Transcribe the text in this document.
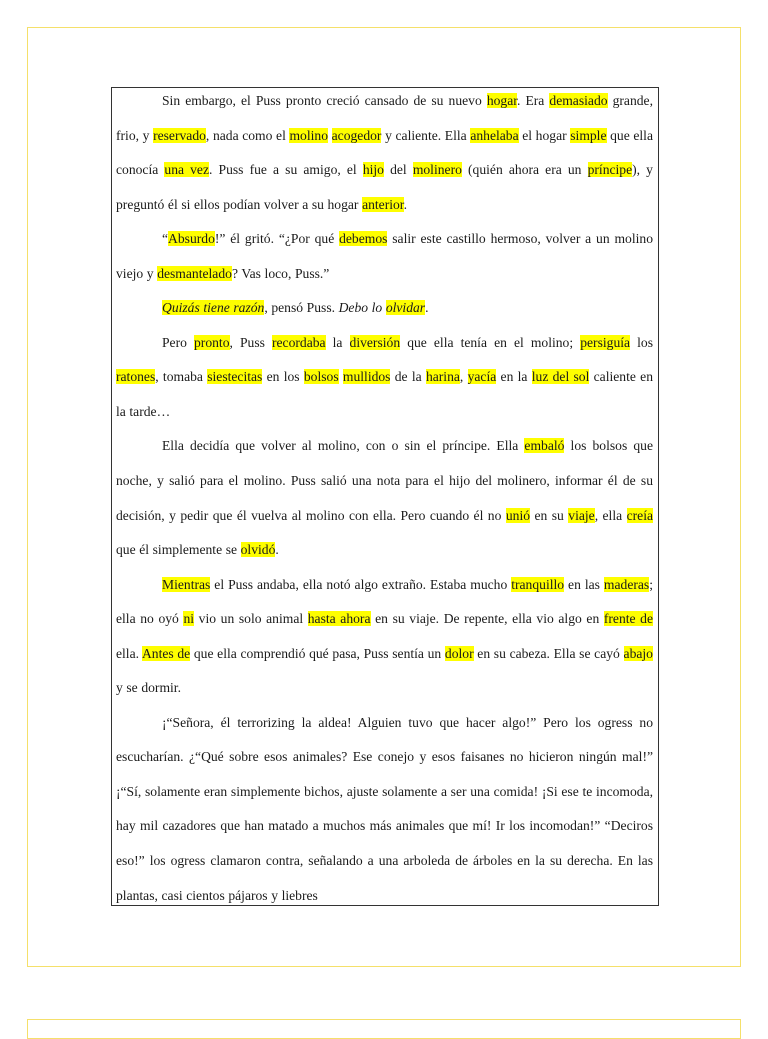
Sin embargo, el Puss pronto creció cansado de su nuevo hogar. Era demasiado grande, frio, y reservado, nada como el molino acogedor y caliente. Ella anhelaba el hogar simple que ella conocía una vez. Puss fue a su amigo, el hijo del molinero (quién ahora era un príncipe), y preguntó él si ellos podían volver a su hogar anterior.

“Absurdo!” él gritó. “¿Por qué debemos salir este castillo hermoso, volver a un molino viejo y desmantelado? Vas loco, Puss.”

Quizás tiene razón, pensó Puss. Debo lo olvidar.

Pero pronto, Puss recordaba la diversión que ella tenía en el molino; persiguía los ratones, tomaba siestecitas en los bolsos mullidos de la harina, yacía en la luz del sol caliente en la tarde…

Ella decidía que volver al molino, con o sin el príncipe. Ella embaló los bolsos que noche, y salió para el molino. Puss salió una nota para el hijo del molinero, informar él de su decisión, y pedir que él vuelva al molino con ella. Pero cuando él no unió en su viaje, ella creía que él simplemente se olvidó.

Mientras el Puss andaba, ella notó algo extraño. Estaba mucho tranquillo en las maderas; ella no oyó ni vio un solo animal hasta ahora en su viaje. De repente, ella vio algo en frente de ella. Antes de que ella comprendió qué pasa, Puss sentía un dolor en su cabeza. Ella se cayó abajo y se dormir.

¡“Señora, él terrorizing la aldea! Alguien tuvo que hacer algo!” Pero los ogress no escucharían. ¿“Qué sobre esos animales? Ese conejo y esos faisanes no hicieron ningún mal!” ¡“Sí, solamente eran simplemente bichos, ajuste solamente a ser una comida! ¡Si ese te incomoda, hay mil cazadores que han matado a muchos más animales que mí! Ir los incomodan!” “Deciros eso!” los ogress clamaron contra, señalando a una arboleda de árboles en la su derecha. En las plantas, casi cientos pájaros y liebres
